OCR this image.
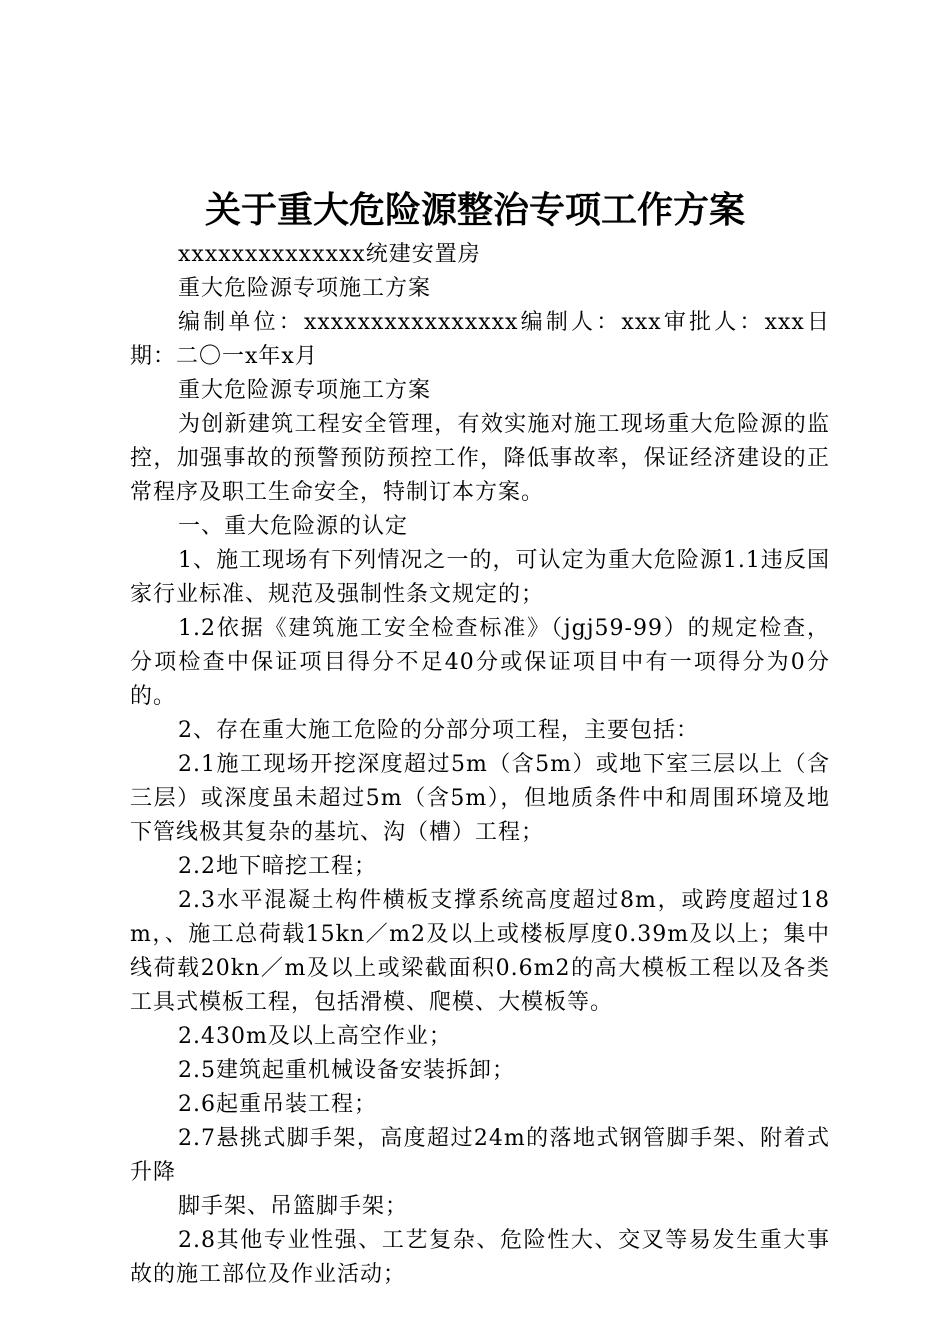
关于重大危险源整治专项工作方案

xxxxxxxxxxxxxx统建安置房

重大危险源专项施工方案

编制单位：xxxxxxxxxxxxxxxx编制人：xxx审批人：xxx日期：二〇一x年x月

重大危险源专项施工方案

为创新建筑工程安全管理，有效实施对施工现场重大危险源的监控，加强事故的预警预防预控工作，降低事故率，保证经济建设的正常程序及职工生命安全，特制订本方案。

一、重大危险源的认定

1、施工现场有下列情况之一的，可认定为重大危险源1.1违反国家行业标准、规范及强制性条文规定的；

1.2依据《建筑施工安全检查标准》（jgj59-99）的规定检查，分项检查中保证项目得分不足40分或保证项目中有一项得分为0分的。

2、存在重大施工危险的分部分项工程，主要包括：

2.1施工现场开挖深度超过5m（含5m）或地下室三层以上（含三层）或深度虽未超过5m（含5m），但地质条件中和周围环境及地下管线极其复杂的基坑、沟（槽）工程；

2.2地下暗挖工程；

2.3水平混凝土构件横板支撑系统高度超过8m，或跨度超过18m，、施工总荷载15kn／m2及以上或楼板厚度0.39m及以上；集中线荷载20kn／m及以上或梁截面积0.6m2的高大模板工程以及各类工具式模板工程，包括滑模、爬模、大模板等。

2.430m及以上高空作业；

2.5建筑起重机械设备安装拆卸；

2.6起重吊装工程；

2.7悬挑式脚手架，高度超过24m的落地式钢管脚手架、附着式升降

脚手架、吊篮脚手架；

2.8其他专业性强、工艺复杂、危险性大、交叉等易发生重大事故的施工部位及作业活动；
